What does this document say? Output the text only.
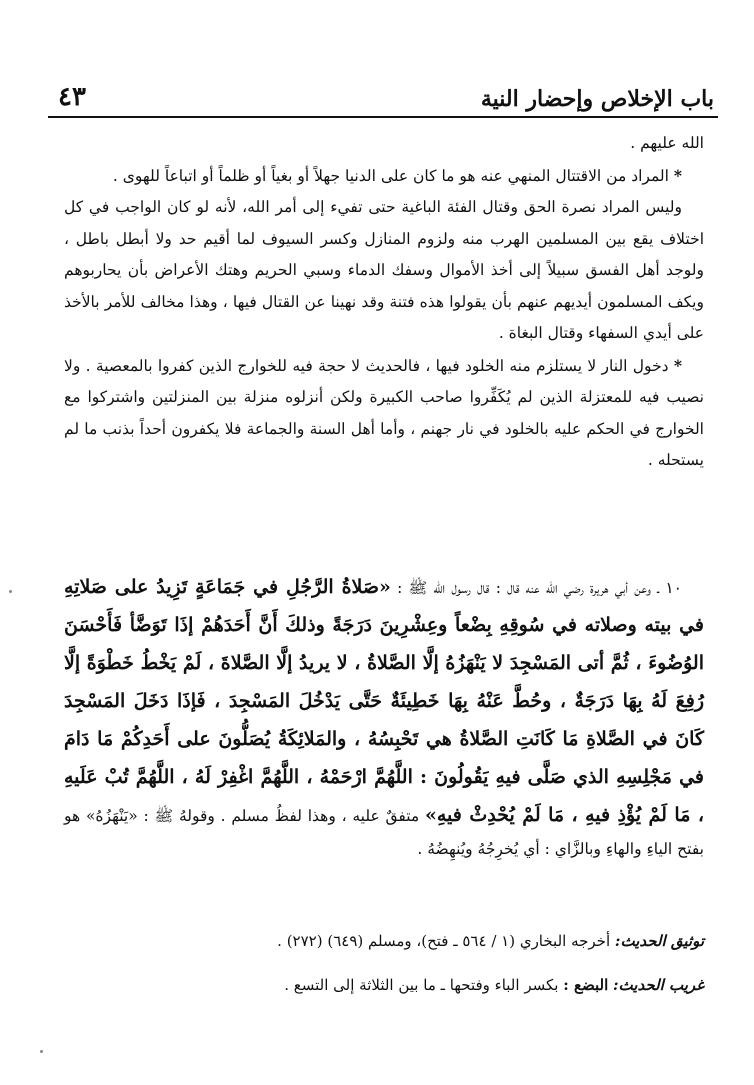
٤٣	باب الإخلاص وإحضار النية

الله عليهم .

* المراد من الاقتتال المنهي عنه هو ما كان على الدنيا جهلاً أو بغياً أو ظلماً أو اتباعاً للهوى .

وليس المراد نصرة الحق وقتال الفئة الباغية حتى تفيء إلى أمر الله، لأنه لو كان الواجب في كل اختلاف يقع بين المسلمين الهرب منه ولزوم المنازل وكسر السيوف لما أقيم حد ولا أبطل باطل ، ولوجد أهل الفسق سبيلاً إلى أخذ الأموال وسفك الدماء وسبي الحريم وهتك الأعراض بأن يحاربوهم ويكف المسلمون أيديهم عنهم بأن يقولوا هذه فتنة وقد نهينا عن القتال فيها ، وهذا مخالف للأمر بالأخذ على أيدي السفهاء وقتال البغاة .

* دخول النار لا يستلزم منه الخلود فيها ، فالحديث لا حجة فيه للخوارج الذين كفروا بالمعصية . ولا نصيب فيه للمعتزلة الذين لم يُكَفِّروا صاحب الكبيرة ولكن أنزلوه منزلة بين المنزلتين واشتركوا مع الخوارج في الحكم عليه بالخلود في نار جهنم ، وأما أهل السنة والجماعة فلا يكفرون أحداً بذنب ما لم يستحله .

١٠ ـ وعن أبي هريرة رضي الله عنه قال : قال رسول الله ﷺ : «صَلاةُ الرَّجُلِ في جَمَاعَةٍ تَزِيدُ على صَلاتِهِ في بيته وصلاته في سُوقِهِ بِضْعاً وعِشْرِينَ دَرَجَةً وذلكَ أَنَّ أَحَدَهُمْ إذَا تَوَضَّأ فَأَحْسَنَ الوُضُوءَ ، ثُمَّ أتى المَسْجِدَ لا يَنْهَزُهُ إلَّا الصَّلاةُ ، لا يريدُ إلَّا الصَّلاةَ ، لَمْ يَخْطُ خَطْوَةً إلَّا رُفِعَ لَهُ بِهَا دَرَجَةٌ ، وحُطَّ عَنْهُ بِهَا خَطِيئَةٌ حَتَّى يَدْخُلَ المَسْجِدَ ، فَإذَا دَخَلَ المَسْجِدَ كَانَ في الصَّلاةِ مَا كَانَتِ الصَّلاةُ هي تَحْبِسُهُ ، والمَلائِكَةُ يُصَلُّونَ على أَحَدِكُمْ مَا دَامَ في مَجْلِسِهِ الذي صَلَّى فيهِ يَقُولُونَ : اللَّهُمَّ ارْحَمْهُ ، اللَّهُمَّ اغْفِرْ لَهُ ، اللَّهُمَّ تُبْ عَلَيهِ ، مَا لَمْ يُؤْذِ فيهِ ، مَا لَمْ يُحْدِثْ فيهِ» متفقٌ عليه ، وهذا لفظُ مسلم . وقولهُ ﷺ : «يَنْهَزُهُ» هو بفتح الياءِ والهاءِ وبالزَّاي : أي يُخرِجُهُ ويُنهِضُهُ .

توثيق الحديث: أخرجه البخاري (١ / ٥٦٤ ـ فتح)، ومسلم (٦٤٩) (٢٧٢) .

غريب الحديث: البضع : بكسر الباء وفتحها ـ ما بين الثلاثة إلى التسع .
